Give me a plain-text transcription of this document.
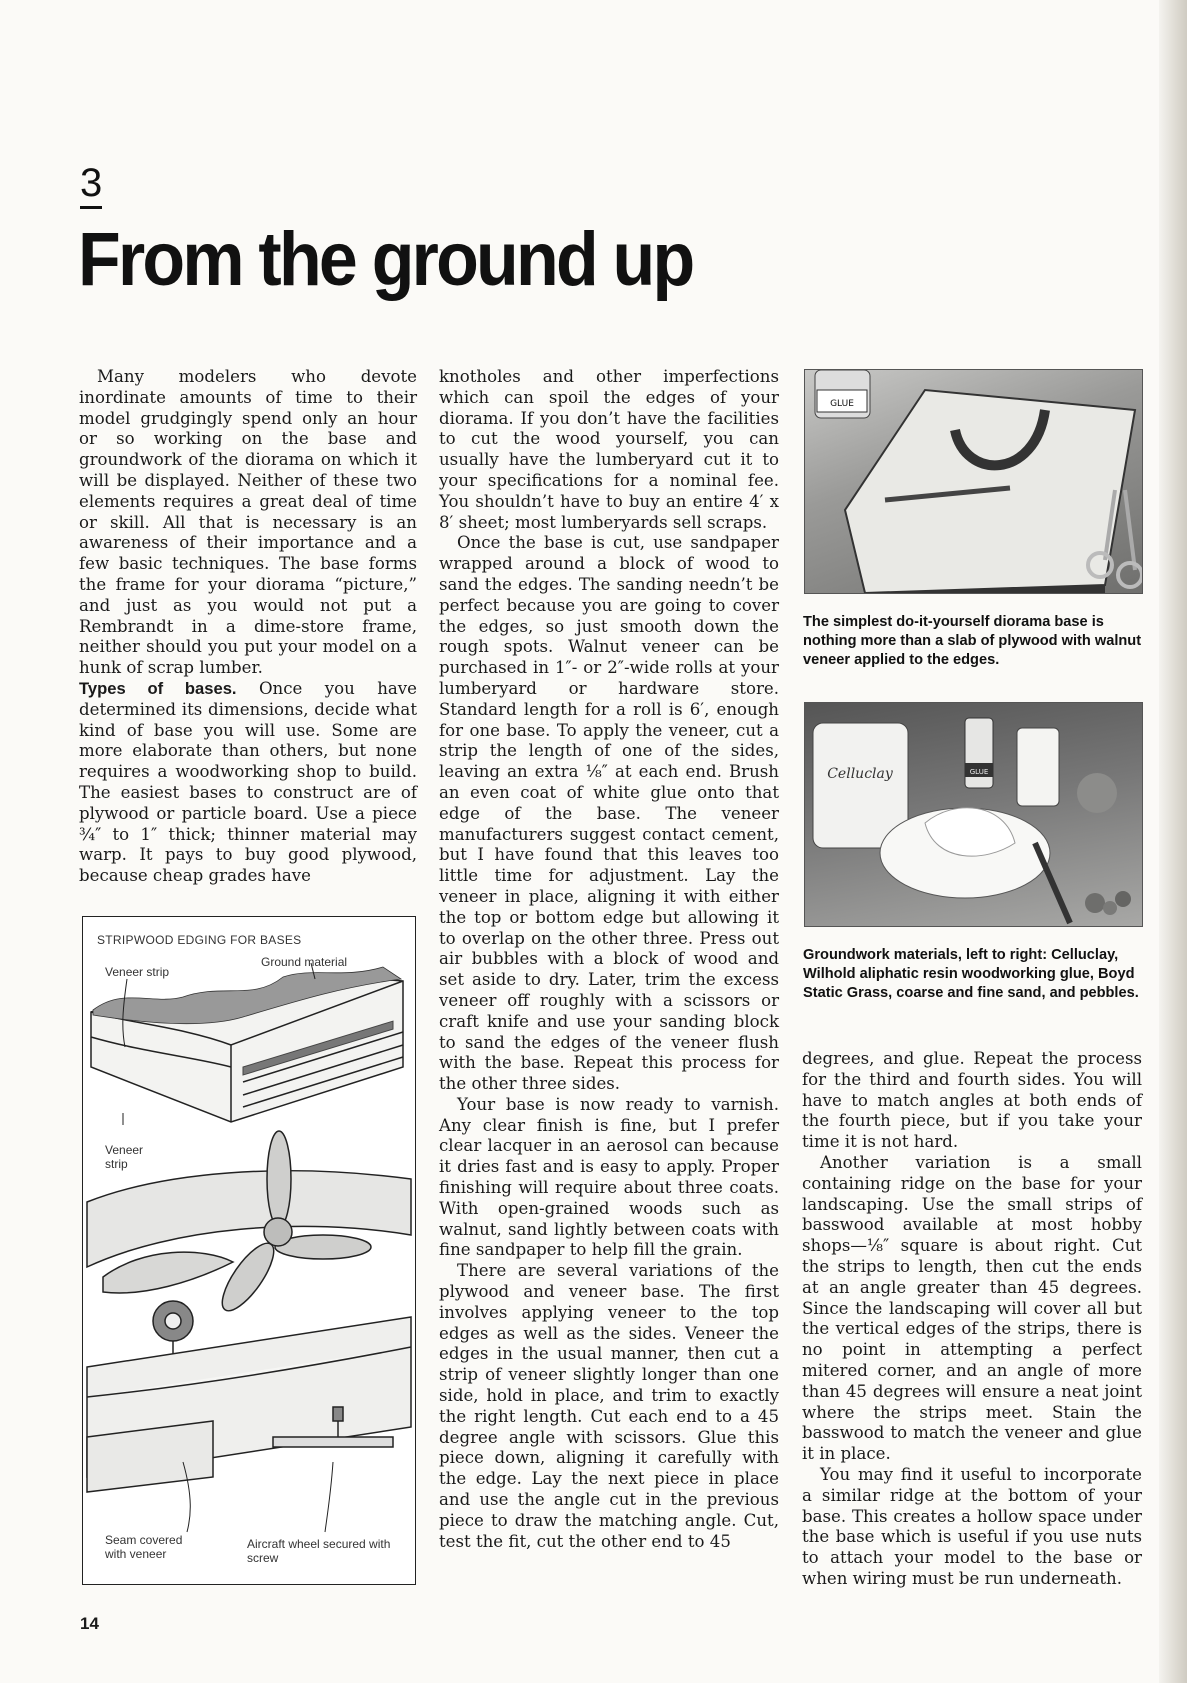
3
From the ground up

Many modelers who devote inordinate amounts of time to their model grudgingly spend only an hour or so working on the base and groundwork of the diorama on which it will be displayed. Neither of these two elements requires a great deal of time or skill. All that is necessary is an awareness of their importance and a few basic techniques. The base forms the frame for your diorama “picture,” and just as you would not put a Rembrandt in a dime-store frame, neither should you put your model on a hunk of scrap lumber.

Types of bases. Once you have determined its dimensions, decide what kind of base you will use. Some are more elaborate than others, but none requires a woodworking shop to build. The easiest bases to construct are of plywood or particle board. Use a piece ¾″ to 1″ thick; thinner material may warp. It pays to buy good plywood, because cheap grades have

STRIPWOOD EDGING FOR BASES
Ground material
Veneer strip
Veneer strip
Seam covered with veneer
Aircraft wheel secured with screw

knotholes and other imperfections which can spoil the edges of your diorama. If you don’t have the facilities to cut the wood yourself, you can usually have the lumberyard cut it to your specifications for a nominal fee. You shouldn’t have to buy an entire 4′ x 8′ sheet; most lumberyards sell scraps.

Once the base is cut, use sandpaper wrapped around a block of wood to sand the edges. The sanding needn’t be perfect because you are going to cover the edges, so just smooth down the rough spots. Walnut veneer can be purchased in 1″- or 2″-wide rolls at your lumberyard or hardware store. Standard length for a roll is 6′, enough for one base. To apply the veneer, cut a strip the length of one of the sides, leaving an extra ⅛″ at each end. Brush an even coat of white glue onto that edge of the base. The veneer manufacturers suggest contact cement, but I have found that this leaves too little time for adjustment. Lay the veneer in place, aligning it with either the top or bottom edge but allowing it to overlap on the other three. Press out air bubbles with a block of wood and set aside to dry. Later, trim the excess veneer off roughly with a scissors or craft knife and use your sanding block to sand the edges of the veneer flush with the base. Repeat this process for the other three sides.

Your base is now ready to varnish. Any clear finish is fine, but I prefer clear lacquer in an aerosol can because it dries fast and is easy to apply. Proper finishing will require about three coats. With open-grained woods such as walnut, sand lightly between coats with fine sandpaper to help fill the grain.

There are several variations of the plywood and veneer base. The first involves applying veneer to the top edges as well as the sides. Veneer the edges in the usual manner, then cut a strip of veneer slightly longer than one side, hold in place, and trim to exactly the right length. Cut each end to a 45 degree angle with scissors. Glue this piece down, aligning it carefully with the edge. Lay the next piece in place and use the angle cut in the previous piece to draw the matching angle. Cut, test the fit, cut the other end to 45

GLUE
The simplest do-it-yourself diorama base is nothing more than a slab of plywood with walnut veneer applied to the edges.
Celluclay	GLUE
Groundwork materials, left to right: Celluclay, Wilhold aliphatic resin woodworking glue, Boyd Static Grass, coarse and fine sand, and pebbles.

degrees, and glue. Repeat the process for the third and fourth sides. You will have to match angles at both ends of the fourth piece, but if you take your time it is not hard.

Another variation is a small containing ridge on the base for your landscaping. Use the small strips of basswood available at most hobby shops—⅛″ square is about right. Cut the strips to length, then cut the ends at an angle greater than 45 degrees. Since the landscaping will cover all but the vertical edges of the strips, there is no point in attempting a perfect mitered corner, and an angle of more than 45 degrees will ensure a neat joint where the strips meet. Stain the basswood to match the veneer and glue it in place.

You may find it useful to incorporate a similar ridge at the bottom of your base. This creates a hollow space under the base which is useful if you use nuts to attach your model to the base or when wiring must be run underneath.

14
